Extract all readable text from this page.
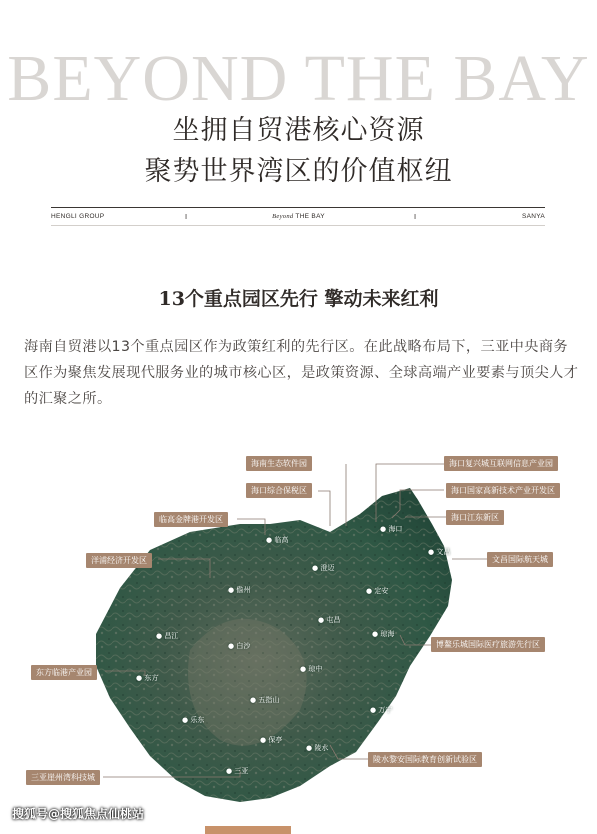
BEYOND THE BAY
坐拥自贸港核心资源
聚势世界湾区的价值枢纽
HENGLI GROUP	I	Beyond THE BAY	I	SANYA
13个重点园区先行 擎动未来红利
海南自贸港以13个重点园区作为政策红利的先行区。在此战略布局下，三亚中央商务区作为聚焦发展现代服务业的城市核心区，是政策资源、全球高端产业要素与顶尖人才的汇聚之所。
海南生态软件园
海口综合保税区
临高金牌港开发区
洋浦经济开发区
东方临港产业园
三亚崖州湾科技城
海口复兴城互联网信息产业园
海口国家高新技术产业开发区
海口江东新区
文昌国际航天城
博鳌乐城国际医疗旅游先行区
陵水黎安国际教育创新试验区
● 临高
● 海口
● 澄迈
● 文昌
● 儋州	● 定安
● 屯昌
● 琼海
● 昌江
● 白沙
● 琼中
● 东方
● 五指山
● 万宁
● 乐东
● 保亭
● 陵水
● 三亚
搜狐号@搜狐焦点仙桃站
